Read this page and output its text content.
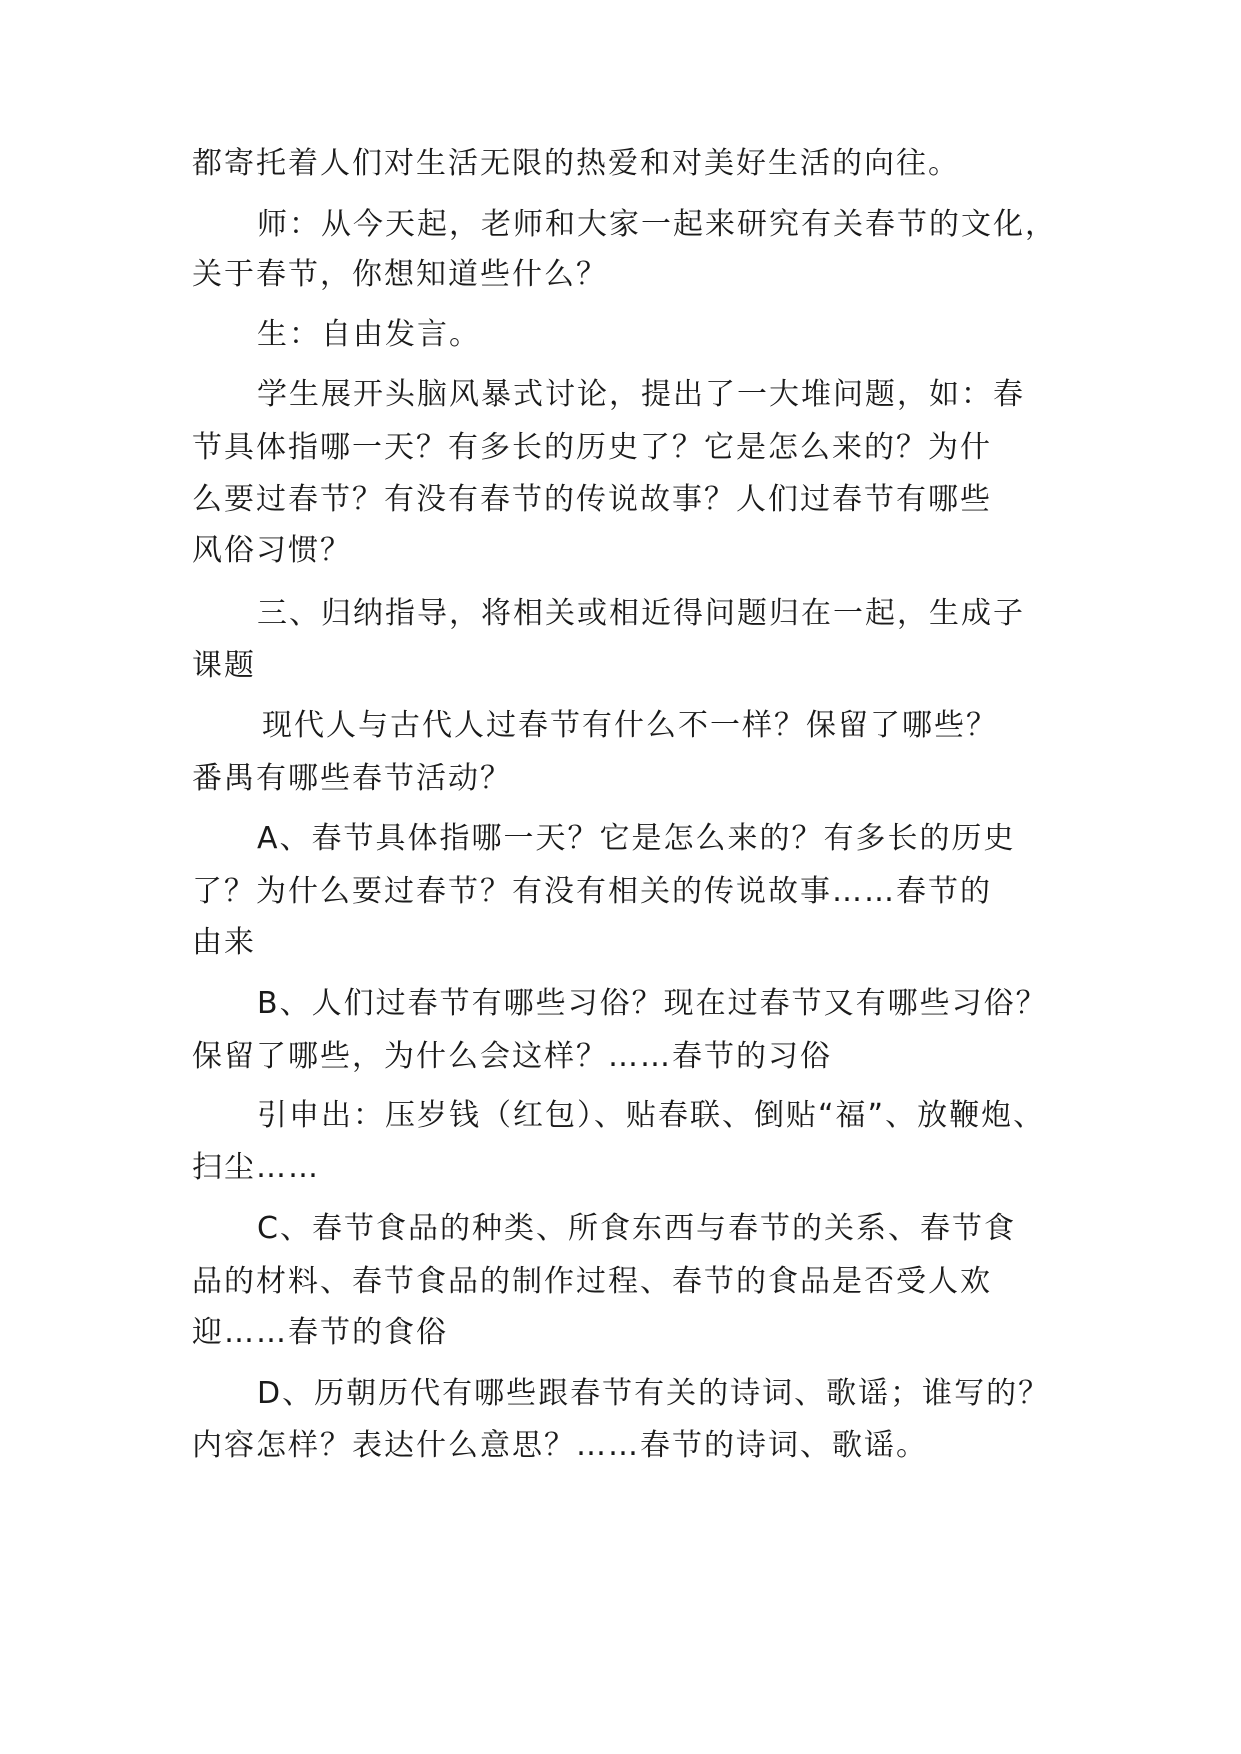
都寄托着人们对生活无限的热爱和对美好生活的向往。
师：从今天起，老师和大家一起来研究有关春节的文化，
关于春节，你想知道些什么？
生：自由发言。
学生展开头脑风暴式讨论，提出了一大堆问题，如：春
节具体指哪一天？有多长的历史了？它是怎么来的？为什
么要过春节？有没有春节的传说故事？人们过春节有哪些
风俗习惯？
三、归纳指导，将相关或相近得问题归在一起，生成子
课题
现代人与古代人过春节有什么不一样？保留了哪些？
番禺有哪些春节活动？
A、春节具体指哪一天？它是怎么来的？有多长的历史
了？为什么要过春节？有没有相关的传说故事……春节的
由来
B、人们过春节有哪些习俗？现在过春节又有哪些习俗？
保留了哪些，为什么会这样？……春节的习俗
引申出：压岁钱（红包）、贴春联、倒贴“福”、放鞭炮、
扫尘……
C、春节食品的种类、所食东西与春节的关系、春节食
品的材料、春节食品的制作过程、春节的食品是否受人欢
迎……春节的食俗
D、历朝历代有哪些跟春节有关的诗词、歌谣；谁写的？
内容怎样？表达什么意思？……春节的诗词、歌谣。
